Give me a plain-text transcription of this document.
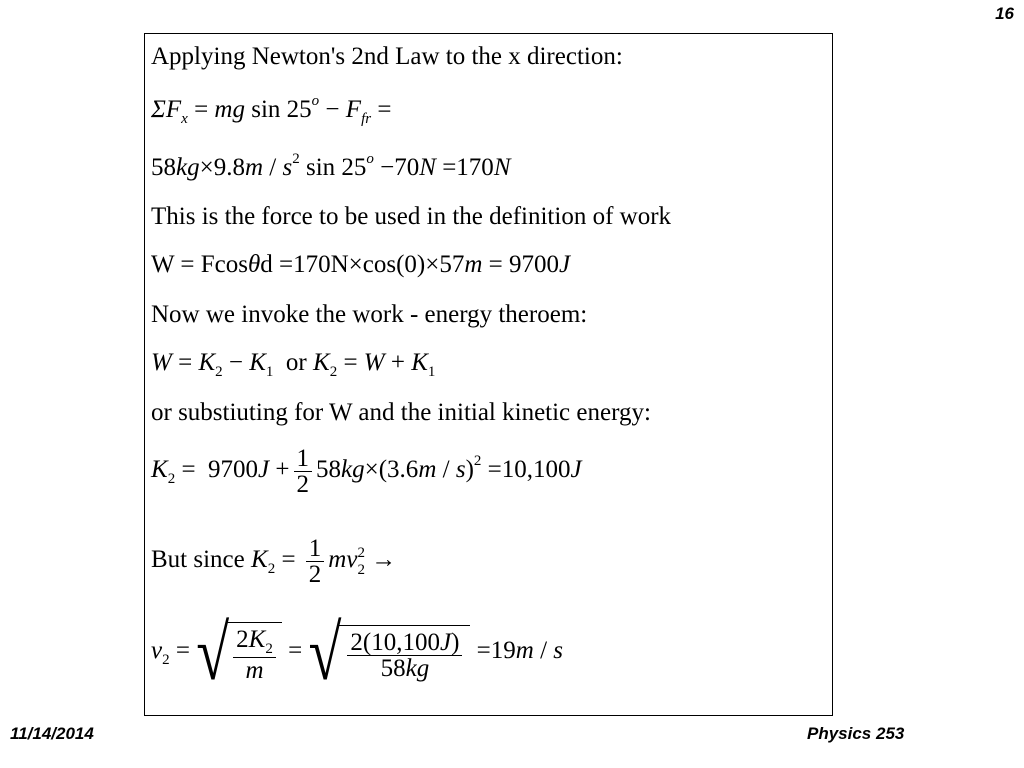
16
Applying Newton's 2nd Law to the x direction:
$\Sigma F_x$ = mg $\sin 25^o - F_{fr}$ =
$58kg\times 9.8m / s^2$ $\sin 25^o -70N =170N$
This is the force to be used in the definition of work
W = Fcosθd =170N×cos(0)×57m = 9700J
Now we invoke the work - energy theroem:
$W = K_2 - K_1$  or $K_2 = W + K_1$
or substiuting for W and the initial kinetic energy:
$K_2 = 9700J + \frac{1}{2} 58kg\times(3.6m / s)^2 =10,100J$
But since $K_2 = \frac{1}{2}$ mv 2
2 →
$v_2$ = √ $\frac{2K_2}{m}$ = √ $\frac{2(10,100J)}{58kg} =19m / s$
11/14/2014	Physics 253
